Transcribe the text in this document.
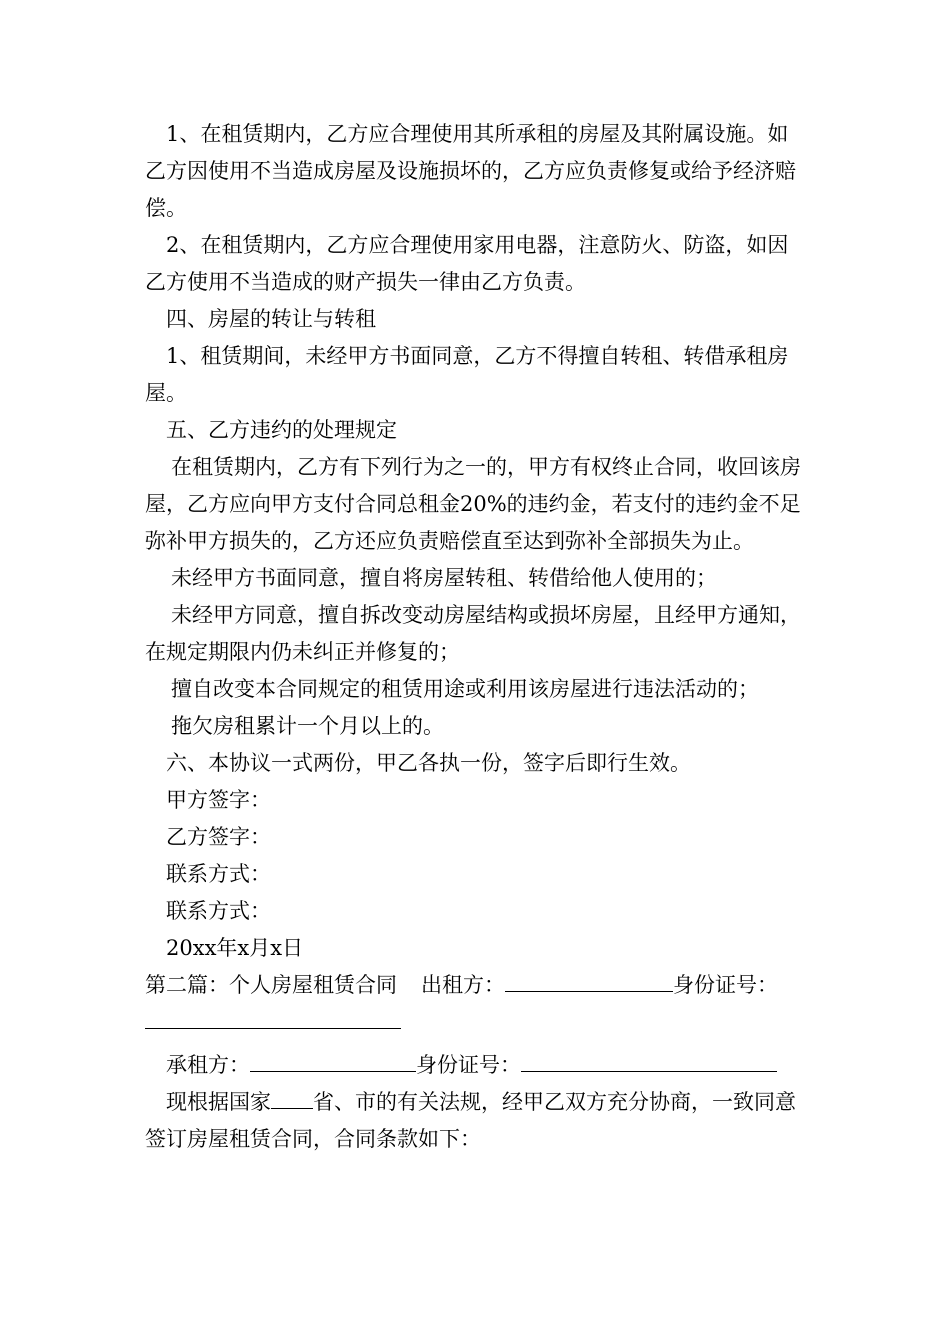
1、在租赁期内，乙方应合理使用其所承租的房屋及其附属设施。如乙方因使用不当造成房屋及设施损坏的，乙方应负责修复或给予经济赔偿。

2、在租赁期内，乙方应合理使用家用电器，注意防火、防盗，如因乙方使用不当造成的财产损失一律由乙方负责。

四、房屋的转让与转租

1、租赁期间，未经甲方书面同意，乙方不得擅自转租、转借承租房屋。

五、乙方违约的处理规定

在租赁期内，乙方有下列行为之一的，甲方有权终止合同，收回该房屋，乙方应向甲方支付合同总租金20%的违约金，若支付的违约金不足弥补甲方损失的，乙方还应负责赔偿直至达到弥补全部损失为止。

未经甲方书面同意，擅自将房屋转租、转借给他人使用的；

未经甲方同意，擅自拆改变动房屋结构或损坏房屋，且经甲方通知，在规定期限内仍未纠正并修复的；

擅自改变本合同规定的租赁用途或利用该房屋进行违法活动的；

拖欠房租累计一个月以上的。

六、本协议一式两份，甲乙各执一份，签字后即行生效。

甲方签字：

乙方签字：

联系方式：

联系方式：

20xx年x月x日

第二篇：个人房屋租赁合同 出租方：	身份证号：

承租方：	身份证号：

现根据国家 省、市的有关法规，经甲乙双方充分协商，一致同意签订房屋租赁合同，合同条款如下：
